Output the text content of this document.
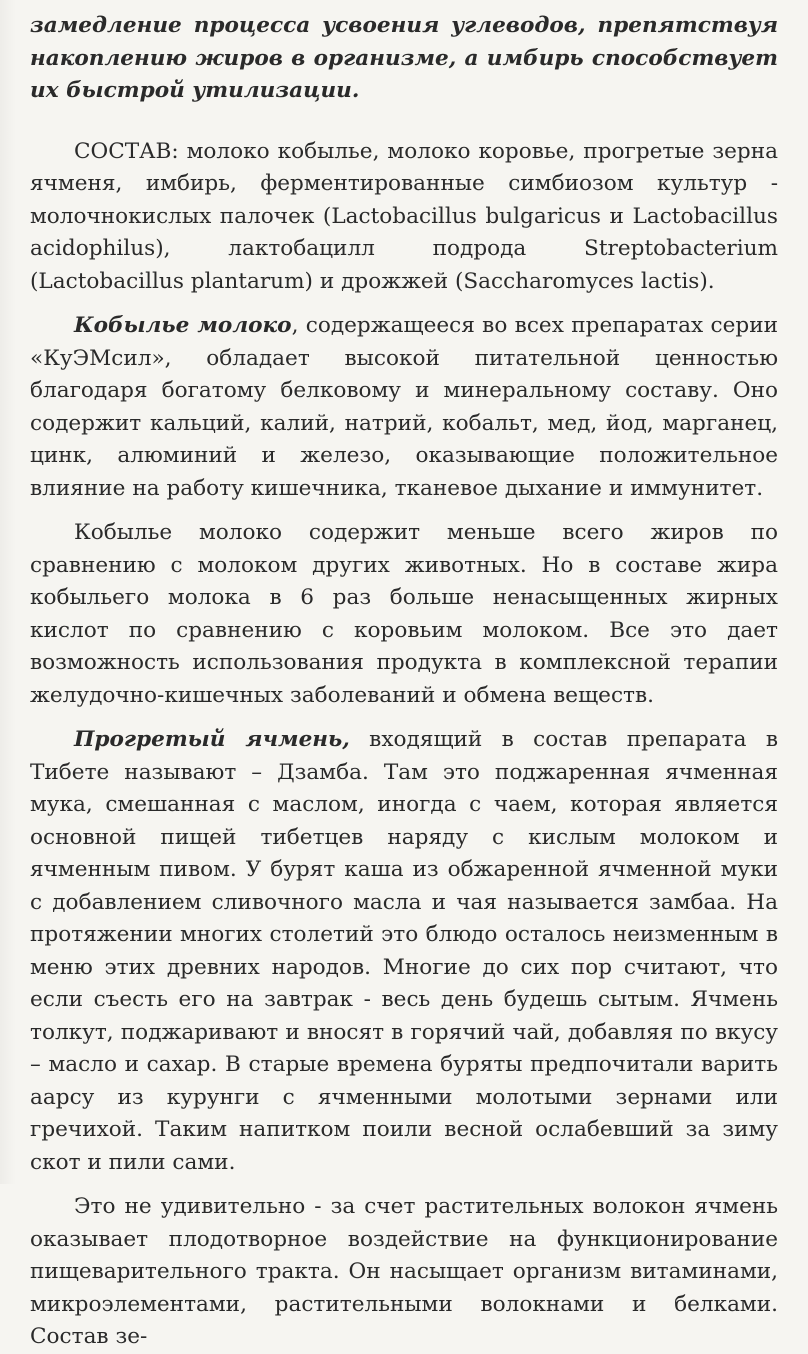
замедление процесса усвоения углеводов, препятствуя накоплению жиров в организме, а имбирь способствует их быстрой утилизации.

СОСТАВ: молоко кобылье, молоко коровье, прогретые зерна ячменя, имбирь, ферментированные симбиозом культур - молочнокислых палочек (Lactobacillus bulgaricus и Lactobacillus acidophilus), лактобацилл подрода Streptobacterium (Lactobacillus plantarum) и дрожжей (Saccharomyces lactis).

Кобылье молоко, содержащееся во всех препаратах серии «КуЭМсил», обладает высокой питательной ценностью благодаря богатому белковому и минеральному составу. Оно содержит кальций, калий, натрий, кобальт, мед, йод, марганец, цинк, алюминий и железо, оказывающие положительное влияние на работу кишечника, тканевое дыхание и иммунитет.

Кобылье молоко содержит меньше всего жиров по сравнению с молоком других животных. Но в составе жира кобыльего молока в 6 раз больше ненасыщенных жирных кислот по сравнению с коровьим молоком. Все это дает возможность использования продукта в комплексной терапии желудочно-кишечных заболеваний и обмена веществ.

Прогретый ячмень, входящий в состав препарата в Тибете называют – Дзамба. Там это поджаренная ячменная мука, смешанная с маслом, иногда с чаем, которая является основной пищей тибетцев наряду с кислым молоком и ячменным пивом. У бурят каша из обжаренной ячменной муки с добавлением сливочного масла и чая называется замбаа. На протяжении многих столетий это блюдо осталось неизменным в меню этих древних народов. Многие до сих пор считают, что если съесть его на завтрак - весь день будешь сытым. Ячмень толкут, поджаривают и вносят в горячий чай, добавляя по вкусу – масло и сахар. В старые времена буряты предпочитали варить аарсу из курунги с ячменными молотыми зернами или гречихой. Таким напитком поили весной ослабевший за зиму скот и пили сами.

Это не удивительно - за счет растительных волокон ячмень оказывает плодотворное воздействие на функционирование пищеварительного тракта. Он насыщает организм витаминами, микроэлементами, растительными волокнами и белками. Состав зе-
